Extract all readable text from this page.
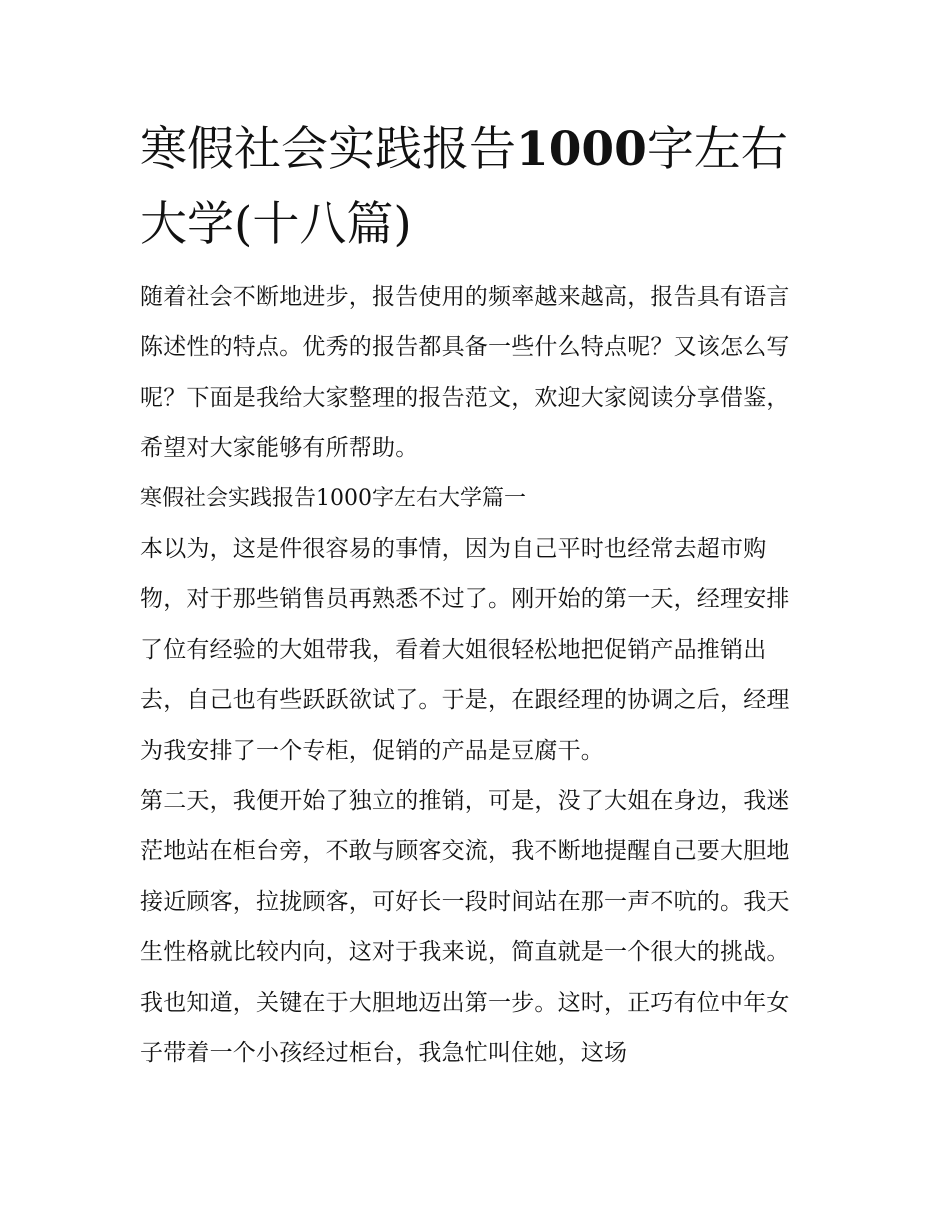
寒假社会实践报告1000字左右大学(十八篇)

随着社会不断地进步，报告使用的频率越来越高，报告具有语言陈述性的特点。优秀的报告都具备一些什么特点呢？又该怎么写呢？下面是我给大家整理的报告范文，欢迎大家阅读分享借鉴，希望对大家能够有所帮助。

寒假社会实践报告1000字左右大学篇一

本以为，这是件很容易的事情，因为自己平时也经常去超市购物，对于那些销售员再熟悉不过了。刚开始的第一天，经理安排了位有经验的大姐带我，看着大姐很轻松地把促销产品推销出去，自己也有些跃跃欲试了。于是，在跟经理的协调之后，经理为我安排了一个专柜，促销的产品是豆腐干。

第二天，我便开始了独立的推销，可是，没了大姐在身边，我迷茫地站在柜台旁，不敢与顾客交流，我不断地提醒自己要大胆地接近顾客，拉拢顾客，可好长一段时间站在那一声不吭的。我天生性格就比较内向，这对于我来说，简直就是一个很大的挑战。我也知道，关键在于大胆地迈出第一步。这时，正巧有位中年女子带着一个小孩经过柜台，我急忙叫住她，这场
